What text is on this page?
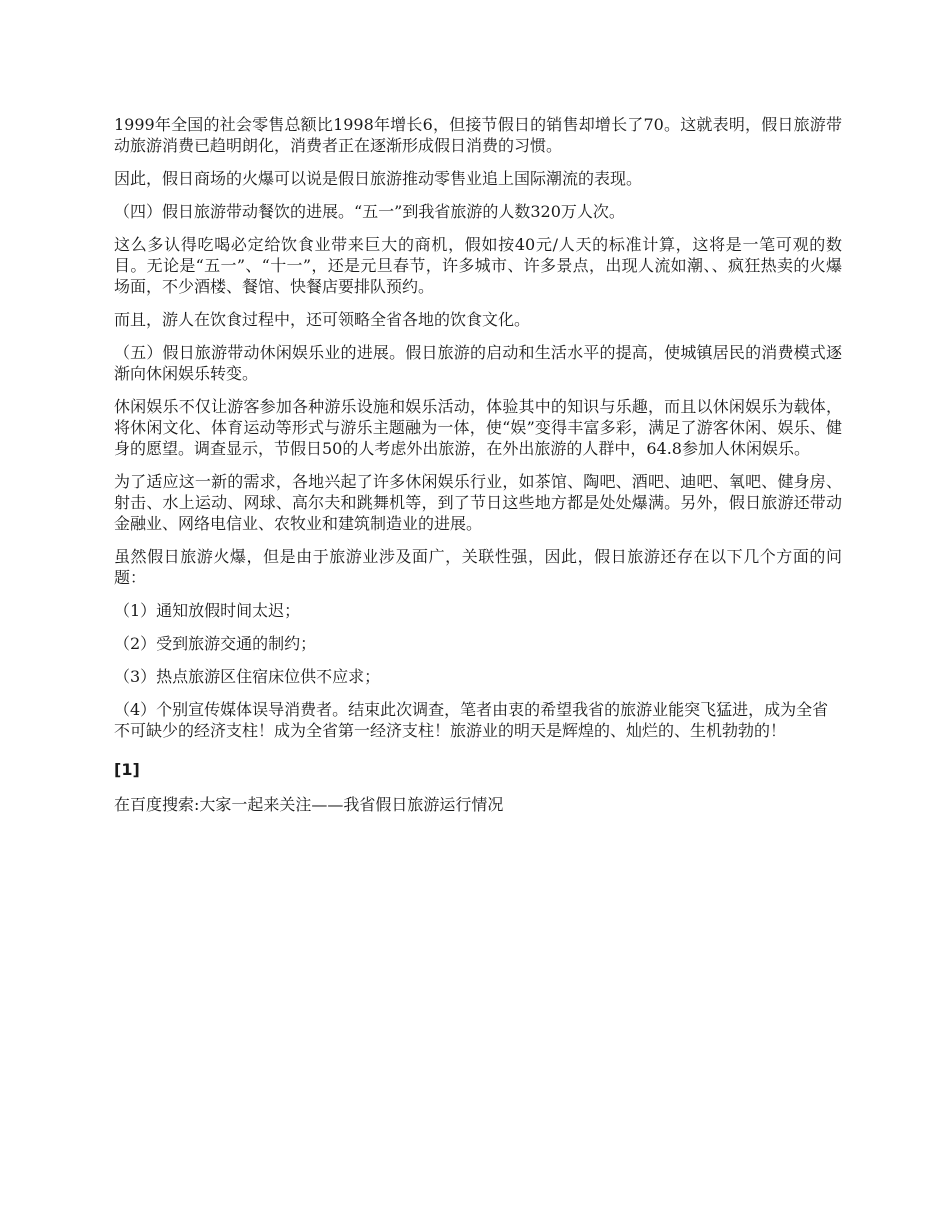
1999年全国的社会零售总额比1998年增长6，但接节假日的销售却增长了70。这就表明，假日旅游带动旅游消费已趋明朗化，消费者正在逐渐形成假日消费的习惯。

因此，假日商场的火爆可以说是假日旅游推动零售业追上国际潮流的表现。

（四）假日旅游带动餐饮的进展。“五一”到我省旅游的人数320万人次。

这么多认得吃喝必定给饮食业带来巨大的商机，假如按40元/人天的标准计算，这将是一笔可观的数目。无论是“五一”、“十一”，还是元旦春节，许多城市、许多景点，出现人流如潮、、疯狂热卖的火爆场面，不少酒楼、餐馆、快餐店要排队预约。

而且，游人在饮食过程中，还可领略全省各地的饮食文化。

（五）假日旅游带动休闲娱乐业的进展。假日旅游的启动和生活水平的提高，使城镇居民的消费模式逐渐向休闲娱乐转变。

休闲娱乐不仅让游客参加各种游乐设施和娱乐活动，体验其中的知识与乐趣，而且以休闲娱乐为载体，将休闲文化、体育运动等形式与游乐主题融为一体，使“娱”变得丰富多彩，满足了游客休闲、娱乐、健身的愿望。调查显示，节假日50的人考虑外出旅游，在外出旅游的人群中，64.8参加人休闲娱乐。

为了适应这一新的需求，各地兴起了许多休闲娱乐行业，如茶馆、陶吧、酒吧、迪吧、氧吧、健身房、射击、水上运动、网球、高尔夫和跳舞机等，到了节日这些地方都是处处爆满。另外，假日旅游还带动金融业、网络电信业、农牧业和建筑制造业的进展。

虽然假日旅游火爆，但是由于旅游业涉及面广，关联性强，因此，假日旅游还存在以下几个方面的问题：

（1）通知放假时间太迟；
（2）受到旅游交通的制约；
（3）热点旅游区住宿床位供不应求；
（4）个别宣传媒体误导消费者。结束此次调查，笔者由衷的希望我省的旅游业能突飞猛进，成为全省不可缺少的经济支柱！成为全省第一经济支柱！旅游业的明天是辉煌的、灿烂的、生机勃勃的！
[1]

在百度搜索:大家一起来关注——我省假日旅游运行情况
